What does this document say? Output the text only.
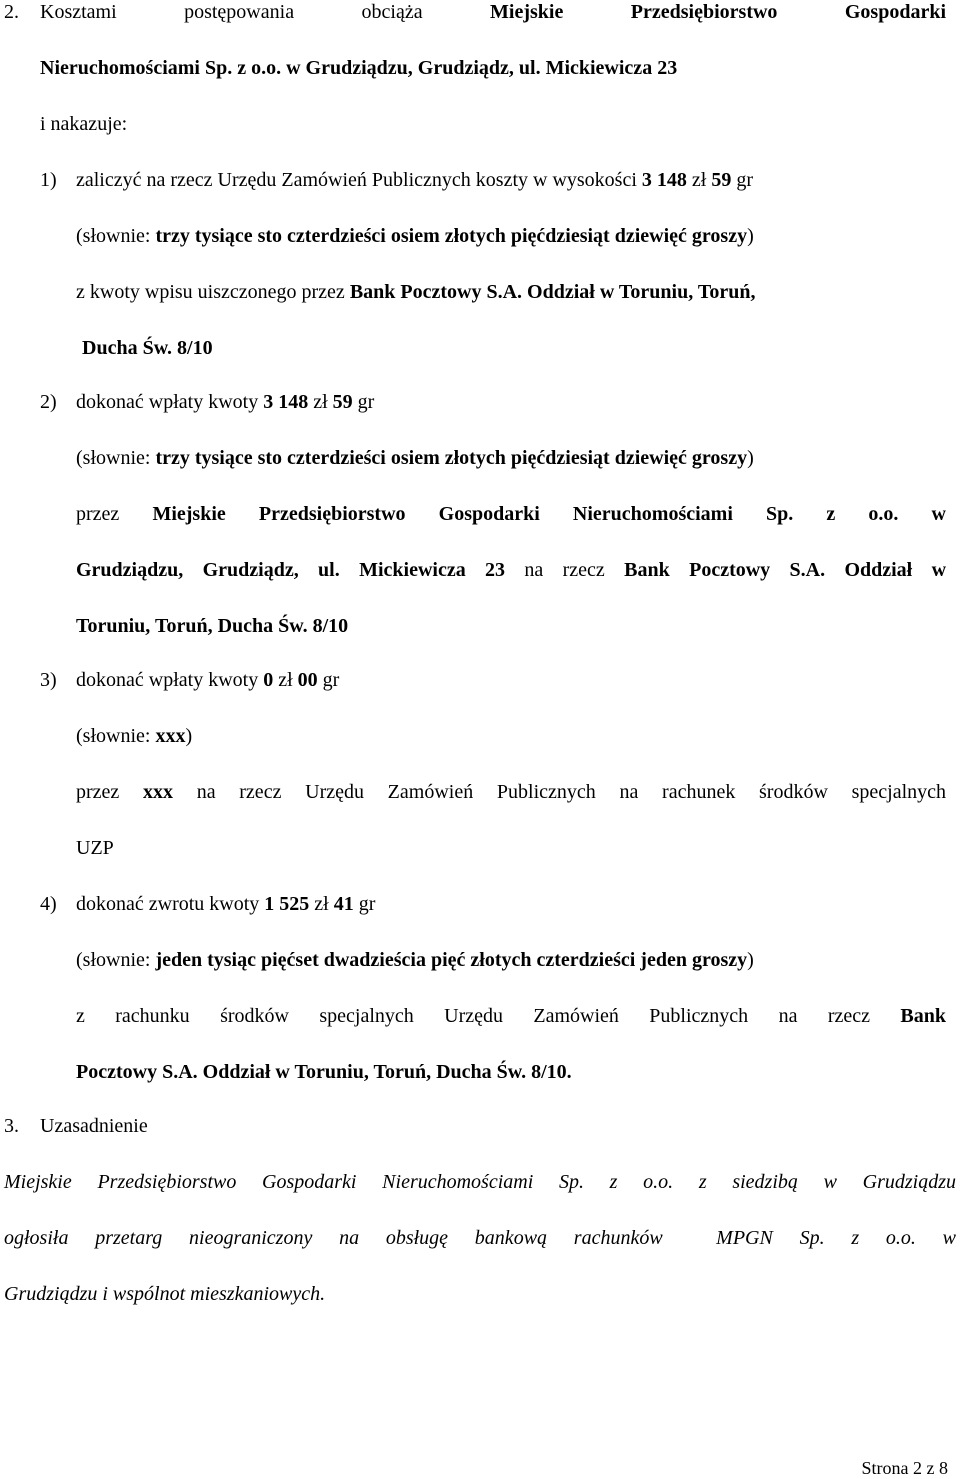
2. Kosztami postępowania obciąża	Miejskie Przedsiębiorstwo Gospodarki
Nieruchomościami Sp. z o.o. w Grudziądzu, Grudziądz, ul. Mickiewicza 23
i nakazuje:
1) zaliczyć na rzecz Urzędu Zamówień Publicznych koszty w wysokości 3 148 zł 59 gr
(słownie: trzy tysiące sto czterdzieści osiem złotych pięćdziesiąt dziewięć groszy)
z kwoty wpisu uiszczonego przez Bank Pocztowy S.A. Oddział w Toruniu, Toruń,
Ducha Św. 8/10
2) dokonać wpłaty kwoty 3 148 zł 59 gr
(słownie: trzy tysiące sto czterdzieści osiem złotych pięćdziesiąt dziewięć groszy)
przez Miejskie Przedsiębiorstwo Gospodarki Nieruchomościami Sp. z o.o. w
Grudziądzu, Grudziądz, ul. Mickiewicza 23 na rzecz Bank Pocztowy S.A. Oddział w
Toruniu, Toruń, Ducha Św. 8/10
3) dokonać wpłaty kwoty 0 zł 00 gr
(słownie: xxx)
przez xxx na rzecz Urzędu Zamówień Publicznych na rachunek środków specjalnych
UZP
4) dokonać zwrotu kwoty 1 525 zł 41 gr
(słownie: jeden tysiąc pięćset dwadzieścia pięć złotych czterdzieści jeden groszy)
z rachunku środków specjalnych Urzędu Zamówień Publicznych na rzecz Bank
Pocztowy S.A. Oddział w Toruniu, Toruń, Ducha Św. 8/10.
3. Uzasadnienie
Miejskie Przedsiębiorstwo Gospodarki Nieruchomościami Sp. z o.o. z siedzibą w Grudziądzu
ogłosiła przetarg nieograniczony na obsługę bankową rachunków  MPGN Sp. z o.o. w
Grudziądzu i wspólnot mieszkaniowych.
Strona 2 z 8
